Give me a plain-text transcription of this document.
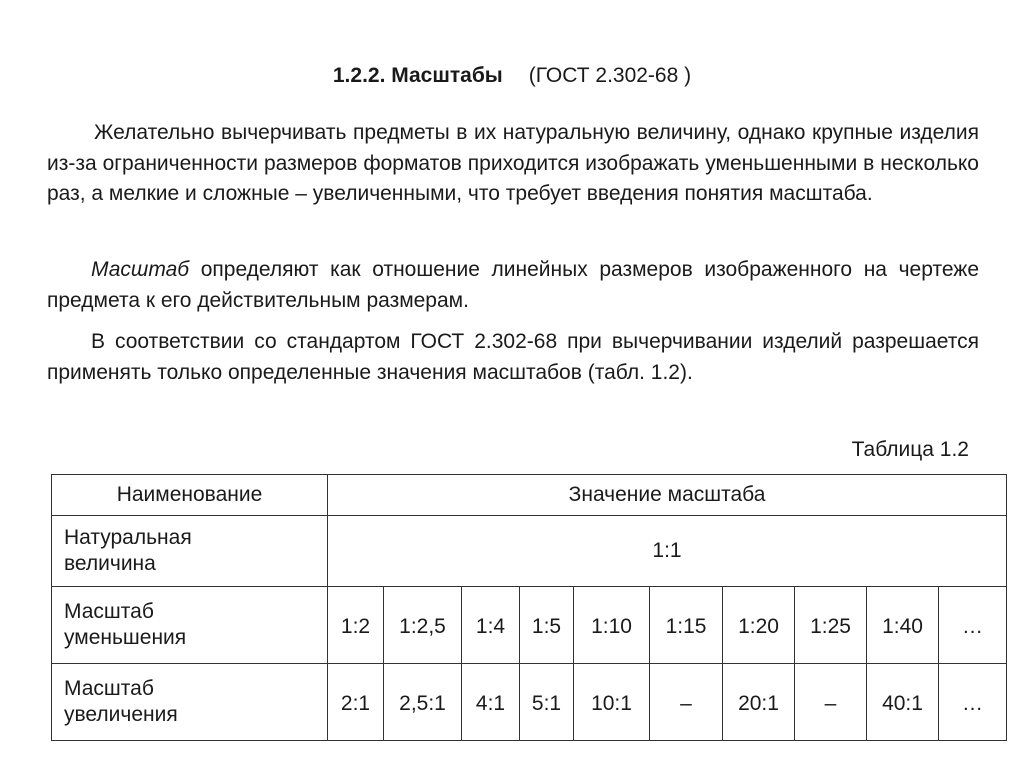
1.2.2. Масштабы (ГОСТ 2.302-68 )

Желательно вычерчивать предметы в их натуральную величину, однако крупные изделия из-за ограниченности размеров форматов приходится изображать уменьшенными в несколько раз, а мелкие и сложные – увеличенными, что требует введения понятия масштаба.

Масштаб определяют как отношение линейных размеров изображенного на чертеже предмета к его действительным размерам.

В соответствии со стандартом ГОСТ 2.302-68 при вычерчивании изделий разрешается применять только определенные значения масштабов (табл. 1.2).

Таблица 1.2
Наименование	Значение масштаба									
Натуральная
величина	1:1									
Масштаб
уменьшения	1:2	1:2,5	1:4	1:5	1:10	1:15	1:20	1:25	1:40	…
Масштаб
увеличения	2:1	2,5:1	4:1	5:1	10:1	–	20:1	–	40:1	…
